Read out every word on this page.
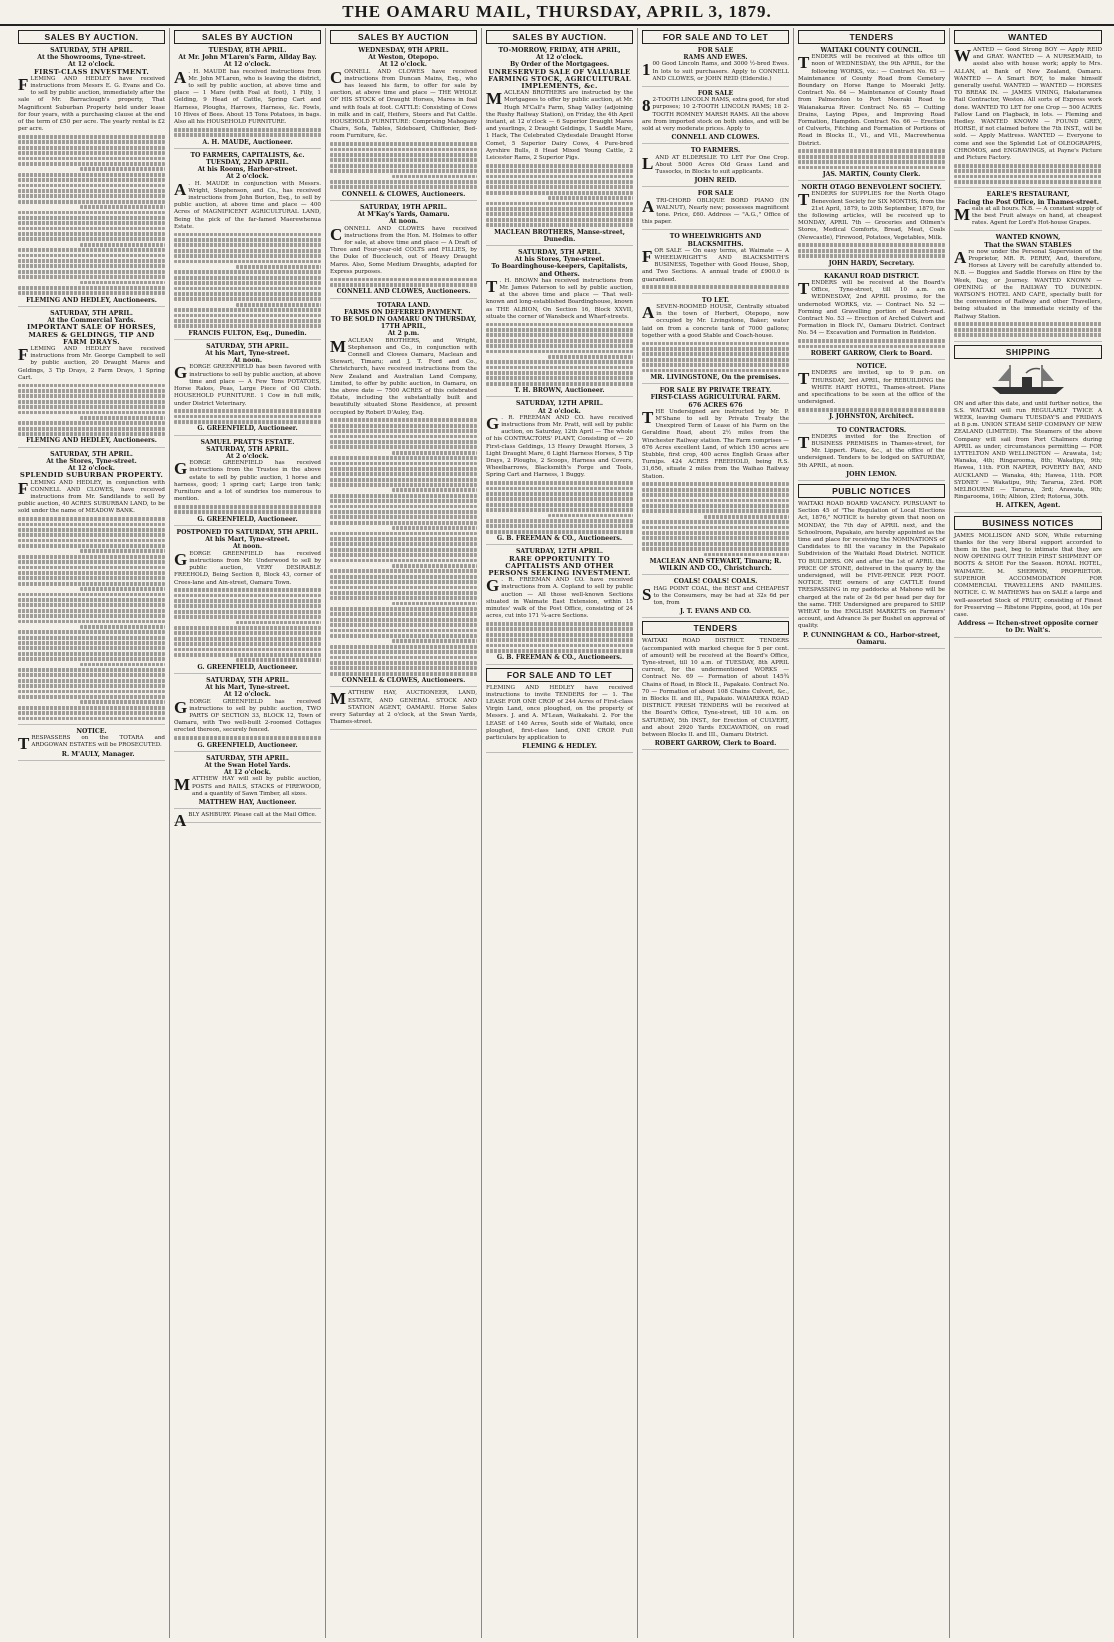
THE OAMARU MAIL, THURSDAY, APRIL 3, 1879.
SALES BY AUCTION.
SATURDAY, 5TH APRIL.
At the Showrooms, Tyne-street.
At 12 o'clock.
FIRST-CLASS INVESTMENT.

FLEMING AND HEDLEY have received instructions from Messrs E. G. Evans and Co. to sell by public auction, immediately after the sale of Mr. Barraclough's property, That Magnificent Suburban Property held under lease for four years, with a purchasing clause at the end of the term of £50 per acre. The yearly rental is £2 per acre.

FLEMING AND HEDLEY, Auctioneers.
SATURDAY, 5TH APRIL.
At the Commercial Yards.
IMPORTANT SALE OF HORSES, MARES & GELDINGS, TIP AND FARM DRAYS.

FLEMING AND HEDLEY have received instructions from Mr. George Campbell to sell by public auction, 20 Draught Mares and Geldings, 3 Tip Drays, 2 Farm Drays, 1 Spring Cart.

FLEMING AND HEDLEY, Auctioneers.
SATURDAY, 5TH APRIL.
At the Stores, Tyne-street.
At 12 o'clock.
SPLENDID SUBURBAN PROPERTY.

FLEMING AND HEDLEY, in conjunction with CONNELL AND CLOWES, have received instructions from Mr. Sandilands to sell by public auction, 40 ACRES SUBURBAN LAND, to be sold under the name of MEADOW BANK.

NOTICE.

TRESPASSERS on the TOTARA and ARDGOWAN ESTATES will be PROSECUTED.

R. M'AULY, Manager.
SALES BY AUCTION
TUESDAY, 8TH APRIL.
At Mr. John M'Laren's Farm, Allday Bay.
At 12 o'clock.

A . H. MAUDE has received instructions from Mr. John M'Laren, who is leaving the district, to sell by public auction, at above time and place — 1 Mare (with Foal at foot), 1 Filly, 1 Gelding, 9 Head of Cattle, Spring Cart and Harness, Ploughs, Harrows, Harness, &c. Fowls, 10 Hives of Bees. About 15 Tons Potatoes, in bags. Also all his HOUSEHOLD FURNITURE.

A. H. MAUDE, Auctioneer.
TO FARMERS, CAPITALISTS, &c.
TUESDAY, 22ND APRIL.
At his Rooms, Harbor-street.
At 2 o'clock.

A . H. MAUDE in conjunction with Messrs. Wright, Stephenson, and Co., has received instructions from John Burton, Esq., to sell by public auction, at above time and place — 400 Acres of MAGNIFICENT AGRICULTURAL LAND, Being the pick of the far-famed Maerewhenua Estate.

FRANCIS FULTON, Esq., Dunedin.
SATURDAY, 5TH APRIL.
At his Mart, Tyne-street.
At noon.

GEORGE GREENFIELD has been favored with instructions to sell by public auction, at above time and place — A Few Tons POTATOES, Horse Rakes, Peas, Large Piece of Oil Cloth. HOUSEHOLD FURNITURE. 1 Cow in full milk, under District Veterinary.

G. GREENFIELD, Auctioneer.
SAMUEL PRATT'S ESTATE.
SATURDAY, 5TH APRIL.
At 2 o'clock.

GEORGE GREENFIELD has received instructions from the Trustee in the above estate to sell by public auction, 1 horse and harness, good; 1 spring cart; Large iron tank; Furniture and a lot of sundries too numerous to mention.

G. GREENFIELD, Auctioneer.
POSTPONED TO SATURDAY, 5TH APRIL.
At his Mart, Tyne-street.
At noon.

GEORGE GREENFIELD has received instructions from Mr. Underwood to sell by public auction, VERY DESIRABLE FREEHOLD, Being Section 8, Block 43, corner of Crees-lane and Ain-street, Oamaru Town.

G. GREENFIELD, Auctioneer.
SATURDAY, 5TH APRIL.
At his Mart, Tyne-street.
At 12 o'clock.

GEORGE GREENFIELD has received instructions to sell by public auction, TWO PARTS OF SECTION 33, BLOCK 12, Town of Oamaru, with Two well-built 2-roomed Cottages erected thereon, securely fenced.

G. GREENFIELD, Auctioneer.
SATURDAY, 5TH APRIL.
At the Swan Hotel Yards.
At 12 o'clock.

MATTHEW HAY will sell by public auction, POSTS and RAILS, STACKS of FIREWOOD, and a quantity of Sawn Timber, all sizes.

MATTHEW HAY, Auctioneer.

ABLY ASHBURY. Please call at the Mail Office.

SALES BY AUCTION
WEDNESDAY, 9TH APRIL.
At Weston, Otepopo.
At 12 o'clock.

CONNELL AND CLOWES have received instructions from Duncan Mains, Esq., who has leased his farm, to offer for sale by auction, at above time and place — THE WHOLE OF HIS STOCK of Draught Horses, Mares in foal and with foals at foot. CATTLE: Consisting of Cows in milk and in calf, Heifers, Steers and Fat Cattle. HOUSEHOLD FURNITURE: Comprising Mahogany Chairs, Sofa, Tables, Sideboard, Chiffonier, Bed-room Furniture, &c.

CONNELL & CLOWES, Auctioneers.
SATURDAY, 19TH APRIL.
At M'Kay's Yards, Oamaru.
At noon.

CONNELL AND CLOWES have received instructions from the Hon. M. Holmes to offer for sale, at above time and place — A Draft of Three and Four-year-old COLTS and FILLIES, by the Duke of Buccleuch, out of Heavy Draught Mares. Also, Some Medium Draughts, adapted for Express purposes.

CONNELL AND CLOWES, Auctioneers.
TOTARA LAND.
FARMS ON DEFERRED PAYMENT.
TO BE SOLD IN OAMARU ON THURSDAY, 17TH APRIL,
At 2 p.m.

MACLEAN BROTHERS, and Wright, Stephenson and Co., in conjunction with Connell and Clowes Oamaru, Maclean and Stewart, Timaru; and J. T. Ford and Co., Christchurch, have received instructions from the New Zealand and Australian Land Company, Limited, to offer by public auction, in Oamaru, on the above date — 7500 ACRES of this celebrated Estate, including the substantially built and beautifully situated Stone Residence, at present occupied by Robert D'Auley, Esq.

CONNELL & CLOWES, Auctioneers.

MATTHEW HAY, AUCTIONEER, LAND, ESTATE, AND GENERAL STOCK AND STATION AGENT, OAMARU. Horse Sales every Saturday at 2 o'clock, at the Swan Yards, Thames-street.

SALES BY AUCTION.
TO-MORROW, FRIDAY, 4TH APRIL,
At 12 o'clock.
By Order of the Mortgagees.
UNRESERVED SALE OF VALUABLE FARMING STOCK, AGRICULTURAL IMPLEMENTS, &c.

MACLEAN BROTHERS are instructed by the Mortgagees to offer by public auction, at Mr. Hugh M'Call's Farm, Shag Valley (adjoining the Rushy Railway Station), on Friday, the 4th April instant, at 12 o'clock — 6 Superior Draught Mares and yearlings, 2 Draught Geldings, 1 Saddle Mare, 1 Hack, The Celebrated Clydesdale Draught Horse Comet, 5 Superior Dairy Cows, 4 Pure-bred Ayrshire Bulls, 8 Head Mixed Young Cattle, 2 Leicester Rams, 2 Superior Pigs.

MACLEAN BROTHERS, Manse-street, Dunedin.
SATURDAY, 5TH APRIL.
At his Stores, Tyne-street.
To Boardinghouse-keepers, Capitalists, and Others.

T . H. BROWN has received instructions from Mr. James Paterson to sell by public auction, at the above time and place — That well-known and long-established Boardinghouse, known as THE ALBION, On Section 16, Block XXVII, situate the corner of Wansbeck and Wharf-streets.

T. H. BROWN, Auctioneer.
SATURDAY, 12TH APRIL.
At 2 o'clock.

G . R. FREEMAN AND CO. have received instructions from Mr. Pratt, will sell by public auction, on Saturday, 12th April — The whole of his CONTRACTORS' PLANT, Consisting of — 20 First-class Geldings, 13 Heavy Draught Horses, 3 Light Draught Mare, 6 Light Harness Horses, 5 Tip Drays, 2 Ploughs, 2 Scoops, Harness and Covers, Wheelbarrows, Blacksmith's Forge and Tools, Spring Cart and Harness, 1 Buggy.

G. B. FREEMAN & CO., Auctioneers.
SATURDAY, 12TH APRIL.
RARE OPPORTUNITY TO CAPITALISTS AND OTHER PERSONS SEEKING INVESTMENT.

G . R. FREEMAN AND CO. have received instructions from A. Copland to sell by public auction — All those well-known Sections situated in Waimate East Extension, within 15 minutes' walk of the Post Office, consisting of 24 acres, cut into 171 ¼-acre Sections.

G. B. FREEMAN & CO., Auctioneers.
FOR SALE AND TO LET

FLEMING AND HEDLEY have received instructions to invite TENDERS for — 1. The LEASE FOR ONE CROP of 244 Acres of First-class Virgin Land, once ploughed, on the property of Messrs. J. and A. M'Lean, Waikakahi. 2. For the LEASE of 140 Acres, South side of Waitaki, once ploughed, first-class land, ONE CROP. Full particulars by application to

FLEMING & HEDLEY.
FOR SALE AND TO LET
FOR SALE
RAMS AND EWES.

1 00 Good Lincoln Rams, and 3000 ½-bred Ewes. In lots to suit purchasers. Apply to CONNELL AND CLOWES, or JOHN REID (Elderslie.)

FOR SALE

8 2-TOOTH LINCOLN RAMS, extra good, for stud purposes; 10 2-TOOTH LINCOLN RAMS; 18 2-TOOTH ROMNEY MARSH RAMS. All the above are from imported stock on both sides, and will be sold at very moderate prices. Apply to

CONNELL AND CLOWES.
TO FARMERS.

LAND AT ELDERSLIE TO LET For One Crop. About 5000 Acres Old Grass Land and Tussocks, in Blocks to suit applicants.

JOHN REID.
FOR SALE

A TRI-CHORD OBLIQUE BORD PIANO (IN WALNUT), Nearly new; possesses magnificent tone. Price, £60. Address — "A.G.," Office of this paper.

TO WHEELWRIGHTS AND BLACKSMITHS.

FOR SALE — On easy terms, at Waimate — A WHEELWRIGHT'S AND BLACKSMITH'S BUSINESS, Together with Good House, Shop, and Two Sections. A annual trade of £900.0 is guaranteed.

TO LET.

A SEVEN-ROOMED HOUSE, Centrally situated in the town of Herbert, Otepopo, now occupied by Mr. Livingstone, Baker; water laid on from a concrete tank of 7000 gallons; together with a good Stable and Coach-house.

MR. LIVINGSTONE, On the premises.
FOR SALE BY PRIVATE TREATY.
FIRST-CLASS AGRICULTURAL FARM.
676 ACRES 676

THE Undersigned are instructed by Mr. P. M'Shane to sell by Private Treaty the Unexpired Term of Lease of his Farm on the Geraldine Road, about 2½ miles from the Winchester Railway station. The Farm comprises — 676 Acres excellent Land, of which 150 acres are Stubble, first crop, 400 acres English Grass after Turnips. 424 ACRES FREEHOLD, being R.S. 31,656, situate 2 miles from the Waihao Railway Station.

MACLEAN AND STEWART, Timaru; R. WILKIN AND CO., Christchurch.
COALS! COALS! COALS.

SHAG POINT COAL, the BEST and CHEAPEST to the Consumers, may be had at 32s 6d per ton, from

J. T. EVANS AND CO.
TENDERS

WAITAKI ROAD DISTRICT. TENDERS (accompanied with marked cheque for 5 per cent. of amount) will be received at the Board's Office, Tyne-street, till 10 a.m. of TUESDAY, 8th APRIL current, for the undermentioned WORKS — Contract No. 69 — Formation of about 145¾ Chains of Road, in Block II., Papakaio. Contract No. 70 — Formation of about 108 Chains Culvert, &c., in Blocks II. and III., Papakaio. WAIAREKA ROAD DISTRICT. FRESH TENDERS will be received at the Board's Office, Tyne-street, till 10 a.m. on SATURDAY, 5th INST., for Erection of CULVERT, and about 2920 Yards EXCAVATION, on road between Blocks II. and III., Oamaru District.

ROBERT GARROW, Clerk to Board.
TENDERS
WAITAKI COUNTY COUNCIL.

TENDERS will be received at this office till noon of WEDNESDAY, the 9th APRIL, for the following WORKS, viz.: — Contract No. 63 — Maintenance of County Road from Cemetery Boundary on Horse Range to Moeraki Jetty. Contract No. 64 — Maintenance of County Road from Palmerston to Port Moeraki Road to Waianakarua River. Contract No. 65 — Cutting Drains, Laying Pipes, and Improving Road Formation, Hampden. Contract No. 66 — Erection of Culverts, Fitching and Formation of Portions of Road in Blocks II., VI., and VII., Macrewhenua District.

JAS. MARTIN, County Clerk.
NORTH OTAGO BENEVOLENT SOCIETY.

TENDERS for SUPPLIES for the North Otago Benevolent Society for SIX MONTHS, from the 21st April, 1879, to 20th September, 1879, for the following articles, will be received up to MONDAY, APRIL 7th — Groceries and Oilmen's Stores, Medical Comforts, Bread, Meat, Coals (Newcastle), Firewood, Potatoes, Vegetables, Milk.

JOHN HARDY, Secretary.
KAKANUI ROAD DISTRICT.

TENDERS will be received at the Board's Office, Tyne-street, till 10 a.m. on WEDNESDAY, 2nd APRIL proximo, for the undernoted WORKS, viz. — Contract No. 52 — Forming and Gravelling portion of Beach-road. Contract No. 53 — Erection of Arched Culvert and Formation in Block IV., Oamaru District. Contract No. 54 — Excavation and Formation in Reidston.

ROBERT GARROW, Clerk to Board.
NOTICE.

TENDERS are invited, up to 9 p.m. on THURSDAY, 3rd APRIL, for REBUILDING the WHITE HART HOTEL, Thames-street. Plans and specifications to be seen at the office of the undersigned.

J. JOHNSTON, Architect.
TO CONTRACTORS.

TENDERS invited for the Erection of BUSINESS PREMISES in Thames-street, for Mr. Lippert. Plans, &c., at the office of the undersigned. Tenders to be lodged on SATURDAY, 5th APRIL, at noon.

JOHN LEMON.
PUBLIC NOTICES

WAITAKI ROAD BOARD VACANCY. PURSUANT to Section 45 of "The Regulation of Local Elections Act, 1876," NOTICE is hereby given that noon on MONDAY, the 7th day of APRIL next, and the Schoolroom, Papakaio, are hereby appointed as the time and place for receiving the NOMINATIONS of Candidates to fill the vacancy in the Papakaio Subdivision of the Waitaki Road District. NOTICE TO BUILDERS. ON and after the 1st of APRIL the PRICE OF STONE, delivered in the quarry by the undersigned, will be FIVE-PENCE PER FOOT. NOTICE. THE owners of any CATTLE found TRESPASSING in my paddocks at Mahono will be charged at the rate of 2s 6d per head per day for the same. THE Undersigned are prepared to SHIP WHEAT to the ENGLISH MARKETS on Farmers' account, and Advance 3s per Bushel on approval of quality.

P. CUNNINGHAM & CO., Harbor-street, Oamaru.
WANTED

WANTED — Good Strong BOY — Apply REID and GRAY. WANTED — A NURSEMAID, to assist also with house work; apply to Mrs. ALLAN, at Bank of New Zealand, Oamaru. WANTED — A Smart BOY, to make himself generally useful. WANTED — WANTED — HORSES TO BREAK IN. — JAMES VINING, Hakataramea Rail Contractor, Weston. All sorts of Express work done. WANTED TO LET for one Crop — 500 ACRES Fallow Land on Flagback, in lots. — Fleming and Hedley. WANTED KNOWN — FOUND GREY, HORSE, if not claimed before the 7th INST., will be sold. — Apply Mattress. WANTED — Everyone to come and see the Splendid Lot of OLEOGRAPHS, CHROMOS, and ENGRAVINGS, at Payne's Picture and Picture Factory.

EARLE'S RESTAURANT,
Facing the Post Office, in Thames-street.

Meals at all hours. N.B. — A constant supply of the best Fruit always on hand, at cheapest rates. Agent for Lord's Hot-house Grapes.

WANTED KNOWN,
That the SWAN STABLES

Are now under the Personal Supervision of the Proprietor, MR. R. PERRY, And, therefore, Horses at Livery will be carefully attended to. N.B. — Buggies and Saddle Horses on Hire by the Week, Day, or Journey. WANTED KNOWN — OPENING of the RAILWAY TO DUNEDIN. WATSON'S HOTEL AND CAFE, specially built for the convenience of Railway and other Travellers, being situated in the immediate vicinity of the Railway Station.

SHIPPING

ON and after this date, and until further notice, the S.S. WAITAKI will run REGULARLY TWICE A WEEK, leaving Oamaru TUESDAY'S and FRIDAYS at 8 p.m. UNION STEAM SHIP COMPANY OF NEW ZEALAND (LIMITED). The Steamers of the above Company will sail from Port Chalmers during APRIL as under, circumstances permitting — FOR LYTTELTON AND WELLINGTON — Arawata, 1st; Wanaka, 4th; Ringarooma, 8th; Wakatipu, 9th; Hawea, 11th. FOR NAPIER, POVERTY BAY, AND AUCKLAND — Wanaka, 4th; Hawea, 11th. FOR SYDNEY — Wakatipu, 9th; Tararua, 23rd. FOR MELBOURNE — Tararua, 3rd; Arawata, 9th; Ringarooma, 16th; Albion, 23rd; Rotorua, 30th.

H. AITKEN, Agent.
BUSINESS NOTICES

JAMES MOLLISON AND SON, While returning thanks for the very liberal support accorded to them in the past, beg to intimate that they are NOW OPENING OUT THEIR FIRST SHIPMENT OF BOOTS & SHOE For the Season. ROYAL HOTEL, WAIMATE. M. SHERWIN, PROPRIETOR. SUPERIOR ACCOMMODATION FOR COMMERCIAL TRAVELLERS AND FAMILIES. NOTICE. C. W. MATHEWS has on SALE a large and well-assorted Stock of FRUIT, consisting of Finest for Preserving — Ribstone Pippins, good, at 10s per case.

Address — Itchen-street opposite corner to Dr. Walt's.
